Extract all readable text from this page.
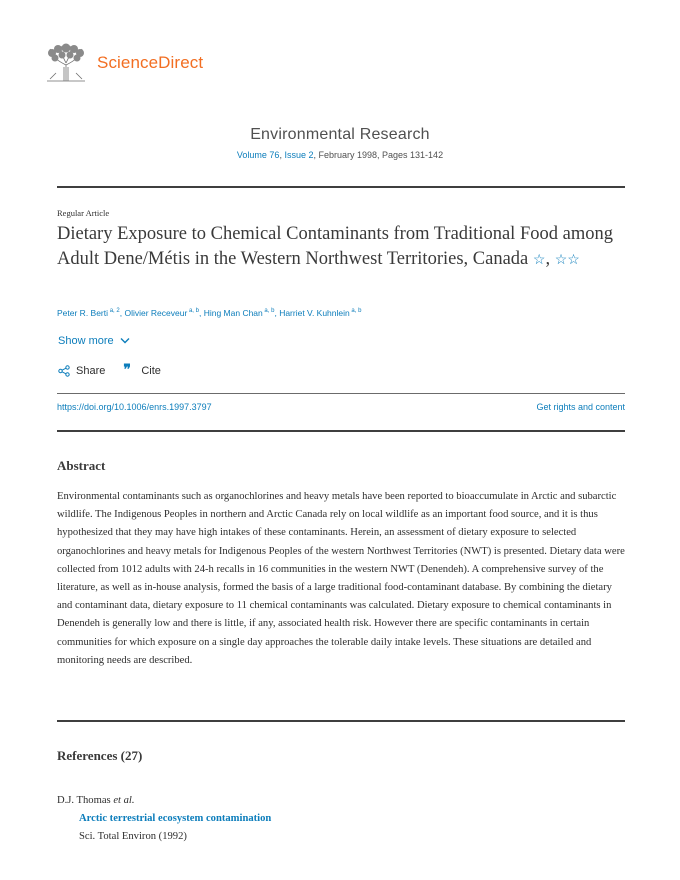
ScienceDirect
Environmental Research
Volume 76, Issue 2, February 1998, Pages 131-142
Regular Article
Dietary Exposure to Chemical Contaminants from Traditional Food among Adult Dene/Métis in the Western Northwest Territories, Canada ☆, ☆☆
Peter R. Berti $^{a, 2}$, Olivier Receveur $^{a, b}$, Hing Man Chan $^{a, b}$, Harriet V. Kuhnlein $^{a, b}$
Show more
Share ❞ Cite
https://doi.org/10.1006/enrs.1997.3797	Get rights and content
Abstract
Environmental contaminants such as organochlorines and heavy metals have been reported to bioaccumulate in Arctic and subarctic wildlife. The Indigenous Peoples in northern and Arctic Canada rely on local wildlife as an important food source, and it is thus hypothesized that they may have high intakes of these contaminants. Herein, an assessment of dietary exposure to selected organochlorines and heavy metals for Indigenous Peoples of the western Northwest Territories (NWT) is presented. Dietary data were collected from 1012 adults with 24-h recalls in 16 communities in the western NWT (Denendeh). A comprehensive survey of the literature, as well as in-house analysis, formed the basis of a large traditional food-contaminant database. By combining the dietary and contaminant data, dietary exposure to 11 chemical contaminants was calculated. Dietary exposure to chemical contaminants in Denendeh is generally low and there is little, if any, associated health risk. However there are specific contaminants in certain communities for which exposure on a single day approaches the tolerable daily intake levels. These situations are detailed and monitoring needs are described.
References (27)
D.J. Thomas et al.
Arctic terrestrial ecosystem contamination
Sci. Total Environ (1992)
